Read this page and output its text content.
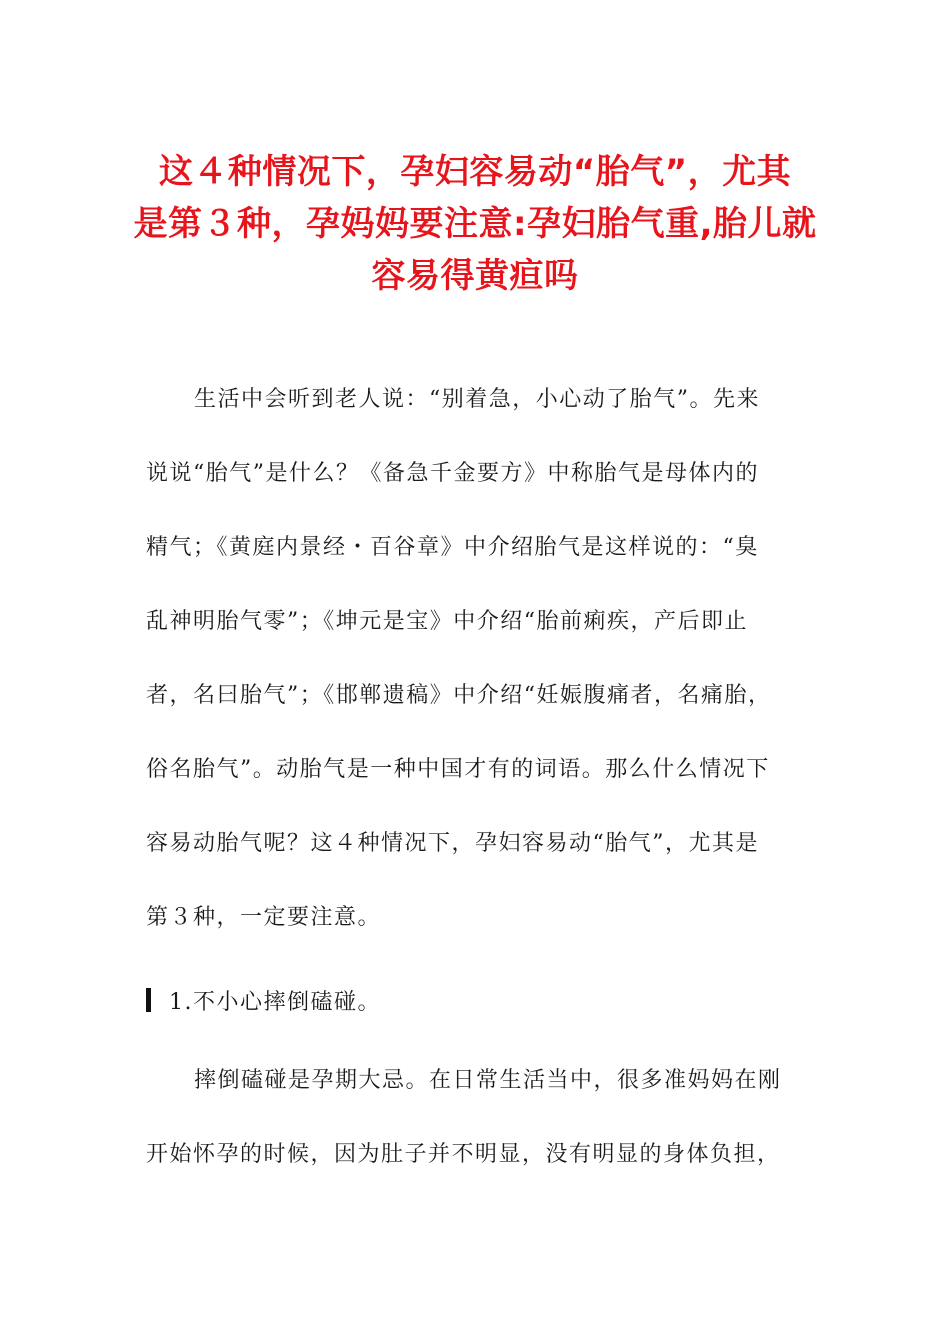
这４种情况下，孕妇容易动“胎气”，尤其
是第３种，孕妈妈要注意:孕妇胎气重,胎儿就
容易得黄疸吗

生活中会听到老人说：“别着急，小心动了胎气”。先来
说说“胎气”是什么？《备急千金要方》中称胎气是母体内的
精气；《黄庭内景经・百谷章》中介绍胎气是这样说的：“臭
乱神明胎气零”；《坤元是宝》中介绍“胎前痢疾，产后即止
者，名曰胎气”；《邯郸遗稿》中介绍“妊娠腹痛者，名痛胎，
俗名胎气”。动胎气是一种中国才有的词语。那么什么情况下
容易动胎气呢？这４种情况下，孕妇容易动“胎气”，尤其是
第３种，一定要注意。

1.不小心摔倒磕碰。

摔倒磕碰是孕期大忌。在日常生活当中，很多准妈妈在刚
开始怀孕的时候，因为肚子并不明显，没有明显的身体负担，
